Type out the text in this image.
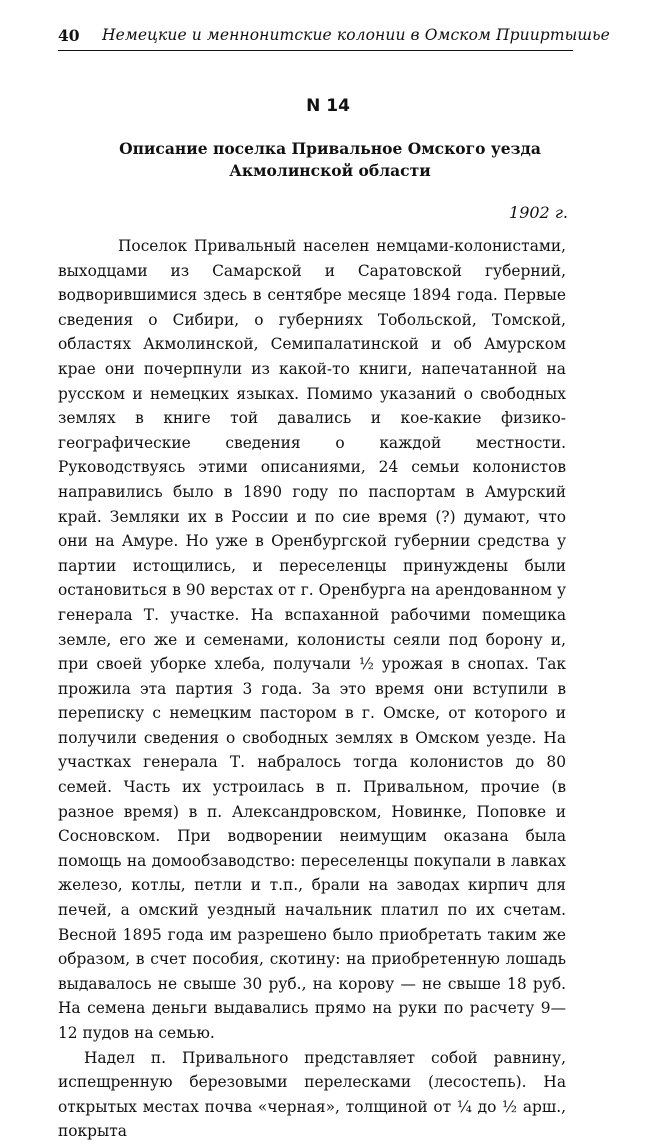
40 Немецкие и меннонитские колонии в Омском Прииртышье
N 14
Описание поселка Привальное Омского уезда
Акмолинской области
1902 г.

Поселок Привальный населен немцами-колонистами, выходцами из Самарской и Саратовской губерний, водворившимися здесь в сентябре месяце 1894 года. Первые сведения о Сибири, о губерниях Тобольской, Томской, областях Акмолинской, Семипалатинской и об Амурском крае они почерпнули из какой-то книги, напечатанной на русском и немецких языках. Помимо указаний о свободных землях в книге той давались и кое-какие физико-географические сведения о каждой местности. Руководствуясь этими описаниями, 24 семьи колонистов направились было в 1890 году по паспортам в Амурский край. Земляки их в России и по сие время (?) думают, что они на Амуре. Но уже в Оренбургской губернии средства у партии истощились, и переселенцы принуждены были остановиться в 90 верстах от г. Оренбурга на арендованном у генерала Т. участке. На вспаханной рабочими помещика земле, его же и семенами, колонисты сеяли под борону и, при своей уборке хлеба, получали ½ урожая в снопах. Так прожила эта партия 3 года. За это время они вступили в переписку с немецким пастором в г. Омске, от которого и получили сведения о свободных землях в Омском уезде. На участках генерала Т. набралось тогда колонистов до 80 семей. Часть их устроилась в п. Привальном, прочие (в разное время) в п. Александровском, Новинке, Поповке и Сосновском. При водворении неимущим оказана была помощь на домообзаводство: переселенцы покупали в лавках железо, котлы, петли и т.п., брали на заводах кирпич для печей, а омский уездный начальник платил по их счетам. Весной 1895 года им разрешено было приобретать таким же образом, в счет пособия, скотину: на приобретенную лошадь выдавалось не свыше 30 руб., на корову — не свыше 18 руб. На семена деньги выдавались прямо на руки по расчету 9—12 пудов на семью.

Надел п. Привального представляет собой равнину, испещренную березовыми перелесками (лесостепь). На открытых местах почва «черная», толщиной от ¼ до ½ арш., покрыта
